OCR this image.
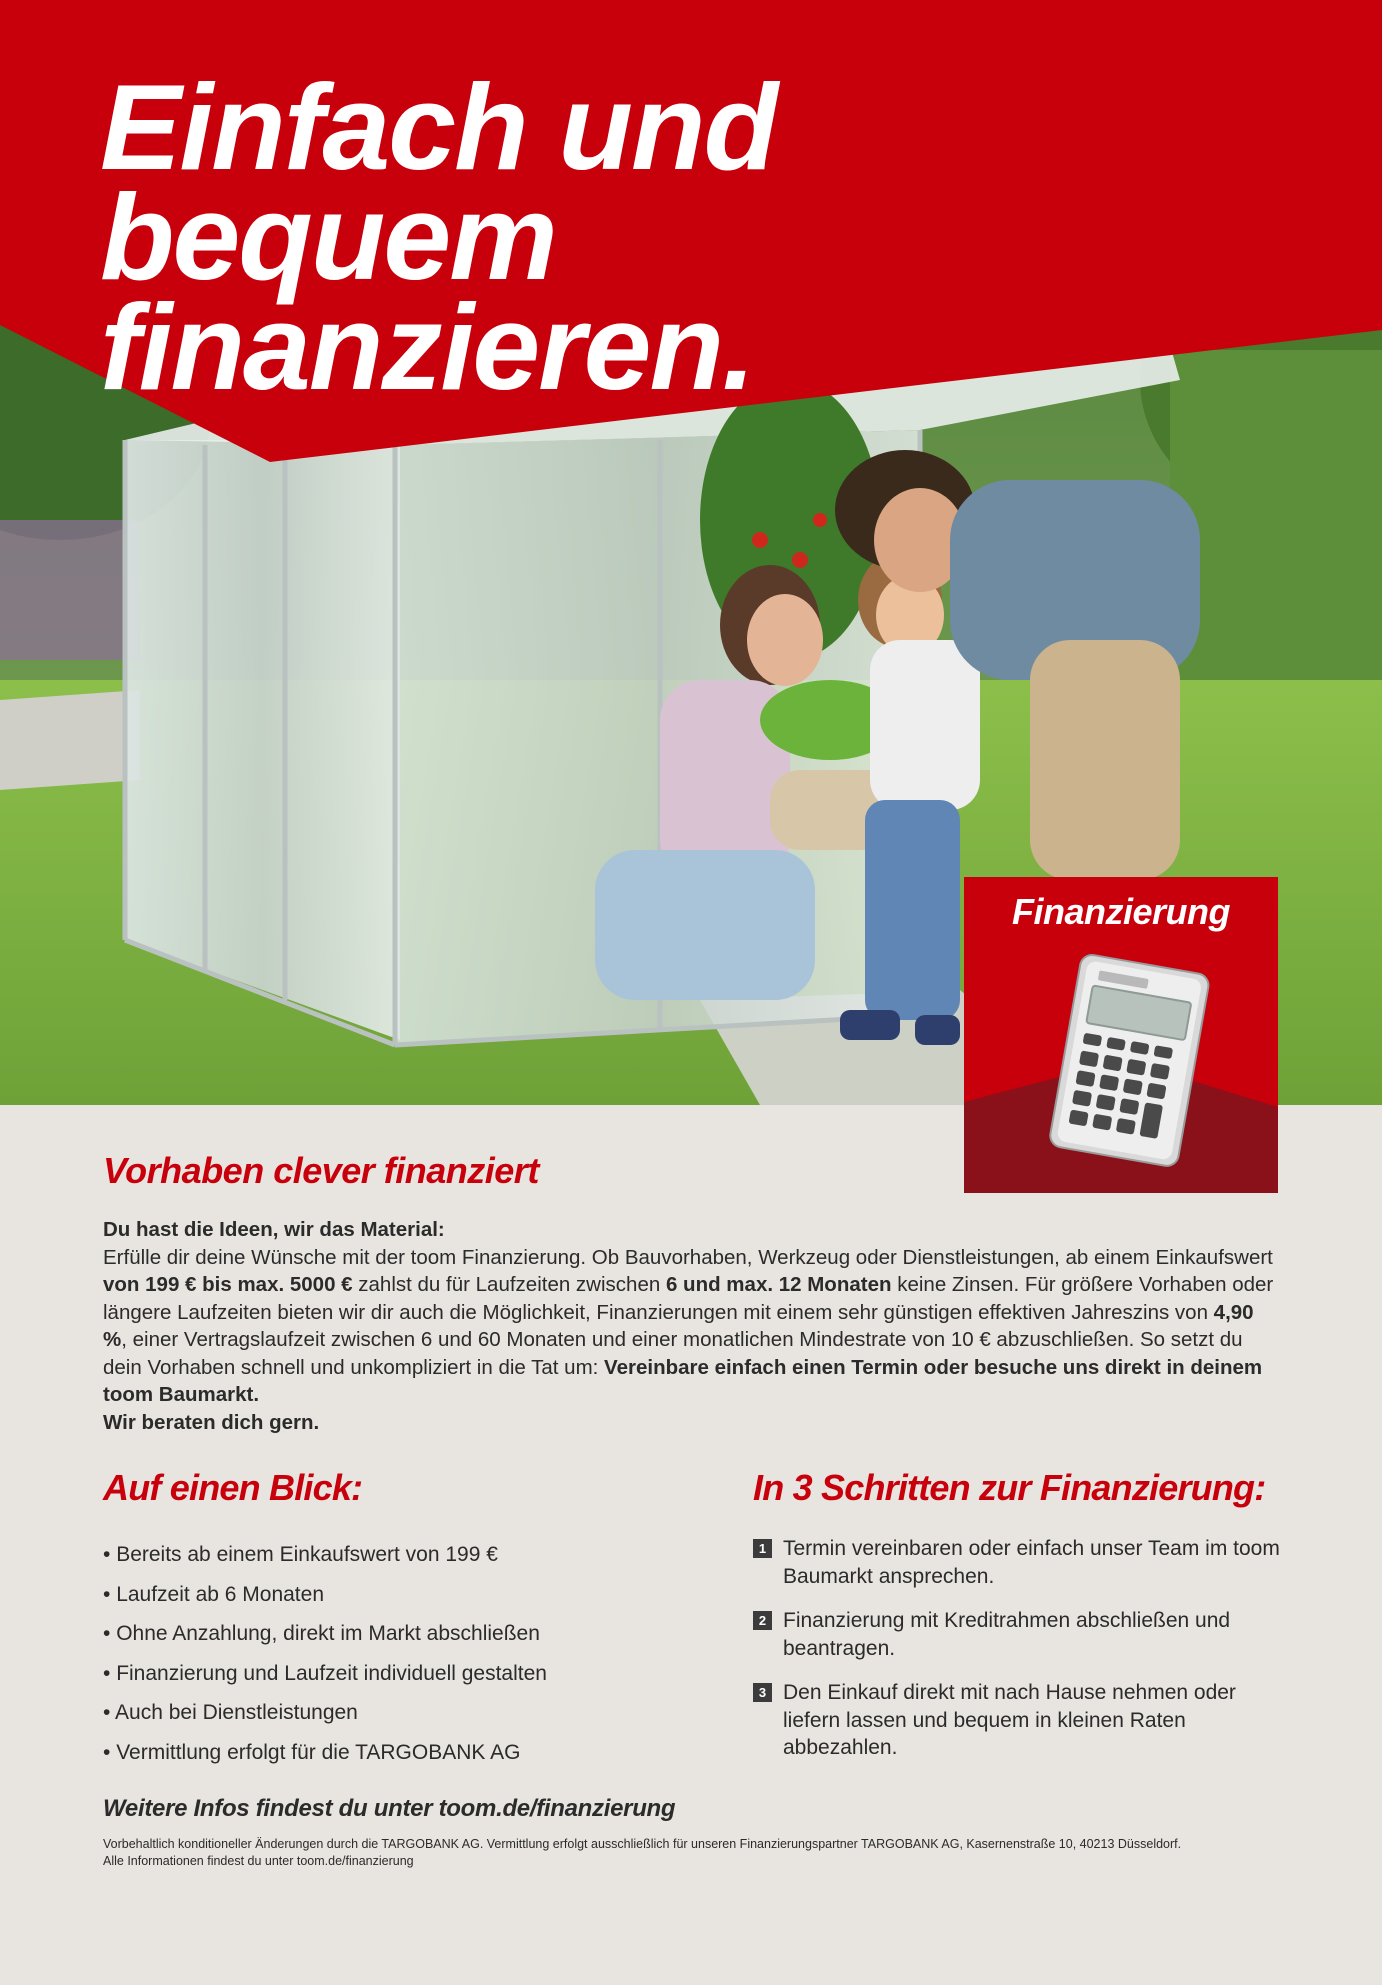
Einfach und bequem
finanzieren.
Finanzierung
Vorhaben clever finanziert

Du hast die Ideen, wir das Material:

Erfülle dir deine Wünsche mit der toom Finanzierung. Ob Bauvorhaben, Werkzeug oder Dienstleistungen, ab einem Einkaufswert von 199 € bis max. 5000 € zahlst du für Laufzeiten zwischen 6 und max. 12 Monaten keine Zinsen. Für größere Vorhaben oder längere Laufzeiten bieten wir dir auch die Möglichkeit, Finanzierungen mit einem sehr günstigen effektiven Jahreszins von 4,90 %, einer Vertragslaufzeit zwischen 6 und 60 Monaten und einer monatlichen Mindestrate von 10 € abzuschließen. So setzt du dein Vorhaben schnell und unkompliziert in die Tat um: Vereinbare einfach einen Termin oder besuche uns direkt in deinem toom Baumarkt.
Wir beraten dich gern.

Auf einen Blick:
• Bereits ab einem Einkaufswert von 199 €
• Laufzeit ab 6 Monaten
• Ohne Anzahlung, direkt im Markt abschließen
• Finanzierung und Laufzeit individuell gestalten
• Auch bei Dienstleistungen
• Vermittlung erfolgt für die TARGOBANK AG
In 3 Schritten zur Finanzierung:
1 Termin vereinbaren oder einfach unser Team im toom Baumarkt ansprechen.
2 Finanzierung mit Kreditrahmen abschließen und beantragen.
3 Den Einkauf direkt mit nach Hause nehmen oder liefern lassen und bequem in kleinen Raten abbezahlen.
Weitere Infos findest du unter toom.de/finanzierung
Vorbehaltlich konditioneller Änderungen durch die TARGOBANK AG. Vermittlung erfolgt ausschließlich für unseren Finanzierungspartner TARGOBANK AG, Kasernenstraße 10, 40213 Düsseldorf.
Alle Informationen findest du unter toom.de/finanzierung
